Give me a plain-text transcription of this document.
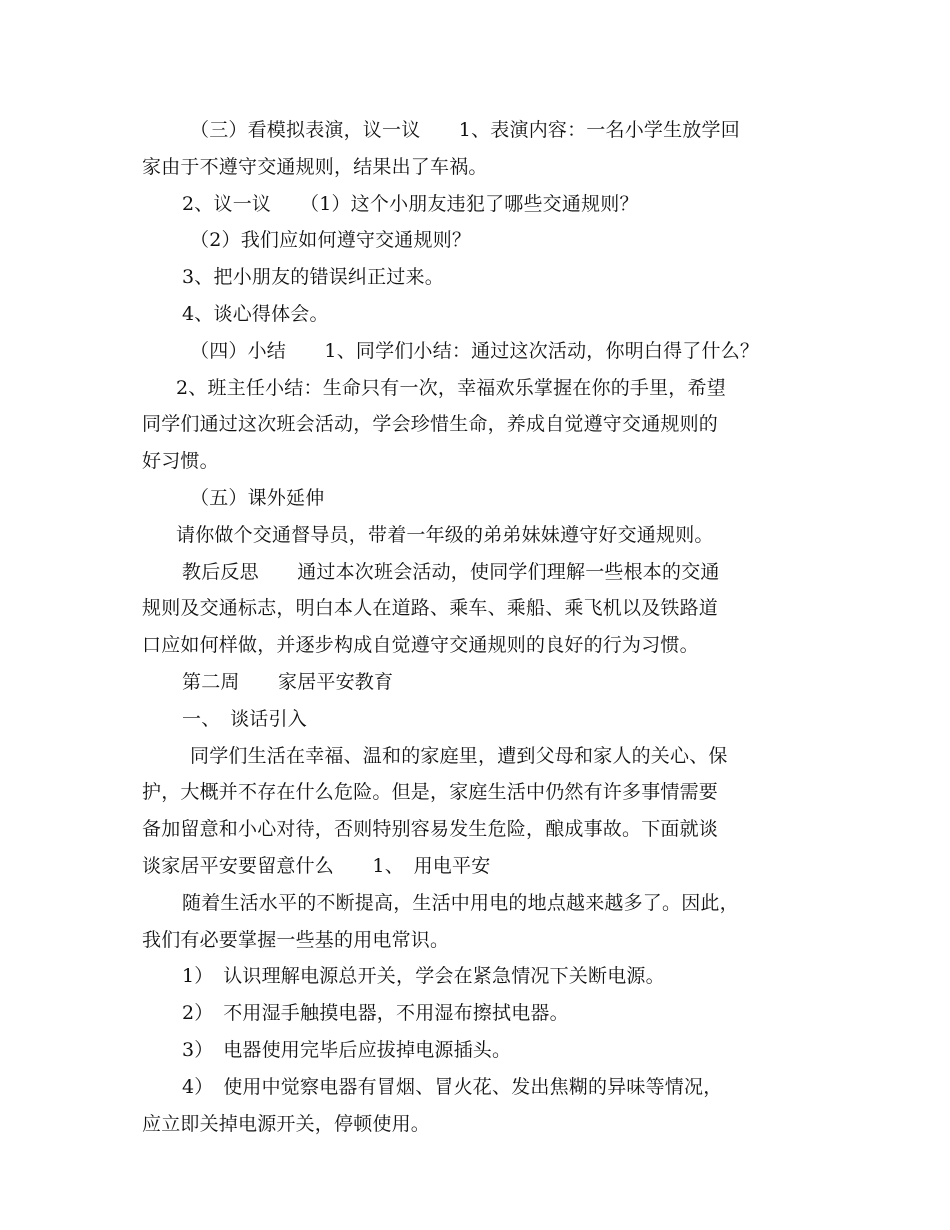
（三）看模拟表演，议一议　　1、表演内容：一名小学生放学回
家由于不遵守交通规则，结果出了车祸。
2、议一议　　（1）这个小朋友违犯了哪些交通规则？
（2）我们应如何遵守交通规则？
3、把小朋友的错误纠正过来。
4、谈心得体会。
（四）小结　　1、同学们小结：通过这次活动，你明白得了什么？
2、班主任小结：生命只有一次，幸福欢乐掌握在你的手里，希望
同学们通过这次班会活动，学会珍惜生命，养成自觉遵守交通规则的
好习惯。
（五）课外延伸
请你做个交通督导员，带着一年级的弟弟妹妹遵守好交通规则。
教后反思　　通过本次班会活动，使同学们理解一些根本的交通
规则及交通标志，明白本人在道路、乘车、乘船、乘飞机以及铁路道
口应如何样做，并逐步构成自觉遵守交通规则的良好的行为习惯。
第二周　　家居平安教育
一、　谈话引入
同学们生活在幸福、温和的家庭里，遭到父母和家人的关心、保
护，大概并不存在什么危险。但是，家庭生活中仍然有许多事情需要
备加留意和小心对待，否则特别容易发生危险，酿成事故。下面就谈
谈家居平安要留意什么　　1、　用电平安
随着生活水平的不断提高，生活中用电的地点越来越多了。因此，
我们有必要掌握一些基的用电常识。
1）　认识理解电源总开关，学会在紧急情况下关断电源。
2）　不用湿手触摸电器，不用湿布擦拭电器。
3）　电器使用完毕后应拔掉电源插头。
4）　使用中觉察电器有冒烟、冒火花、发出焦糊的异味等情况，
应立即关掉电源开关，停顿使用。
